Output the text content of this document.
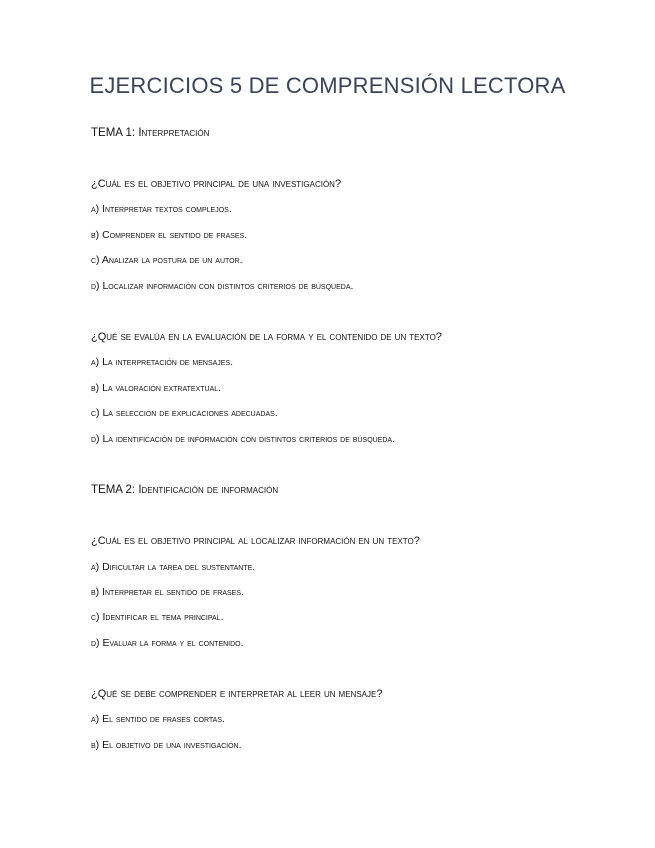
EJERCICIOS 5 DE COMPRENSIÓN LECTORA
TEMA 1: Interpretación
¿Cuál es el objetivo principal de una investigación?
a) Interpretar textos complejos.
b) Comprender el sentido de frases.
c) Analizar la postura de un autor.
d) Localizar información con distintos criterios de búsqueda.
¿Qué se evalúa en la evaluación de la forma y el contenido de un texto?
a) La interpretación de mensajes.
b) La valoración extratextual.
c) La selección de explicaciones adecuadas.
d) La identificación de información con distintos criterios de búsqueda.
TEMA 2: Identificación de información
¿Cuál es el objetivo principal al localizar información en un texto?
a) Dificultar la tarea del sustentante.
b) Interpretar el sentido de frases.
c) Identificar el tema principal.
d) Evaluar la forma y el contenido.
¿Qué se debe comprender e interpretar al leer un mensaje?
a) El sentido de frases cortas.
b) El objetivo de una investigación.
